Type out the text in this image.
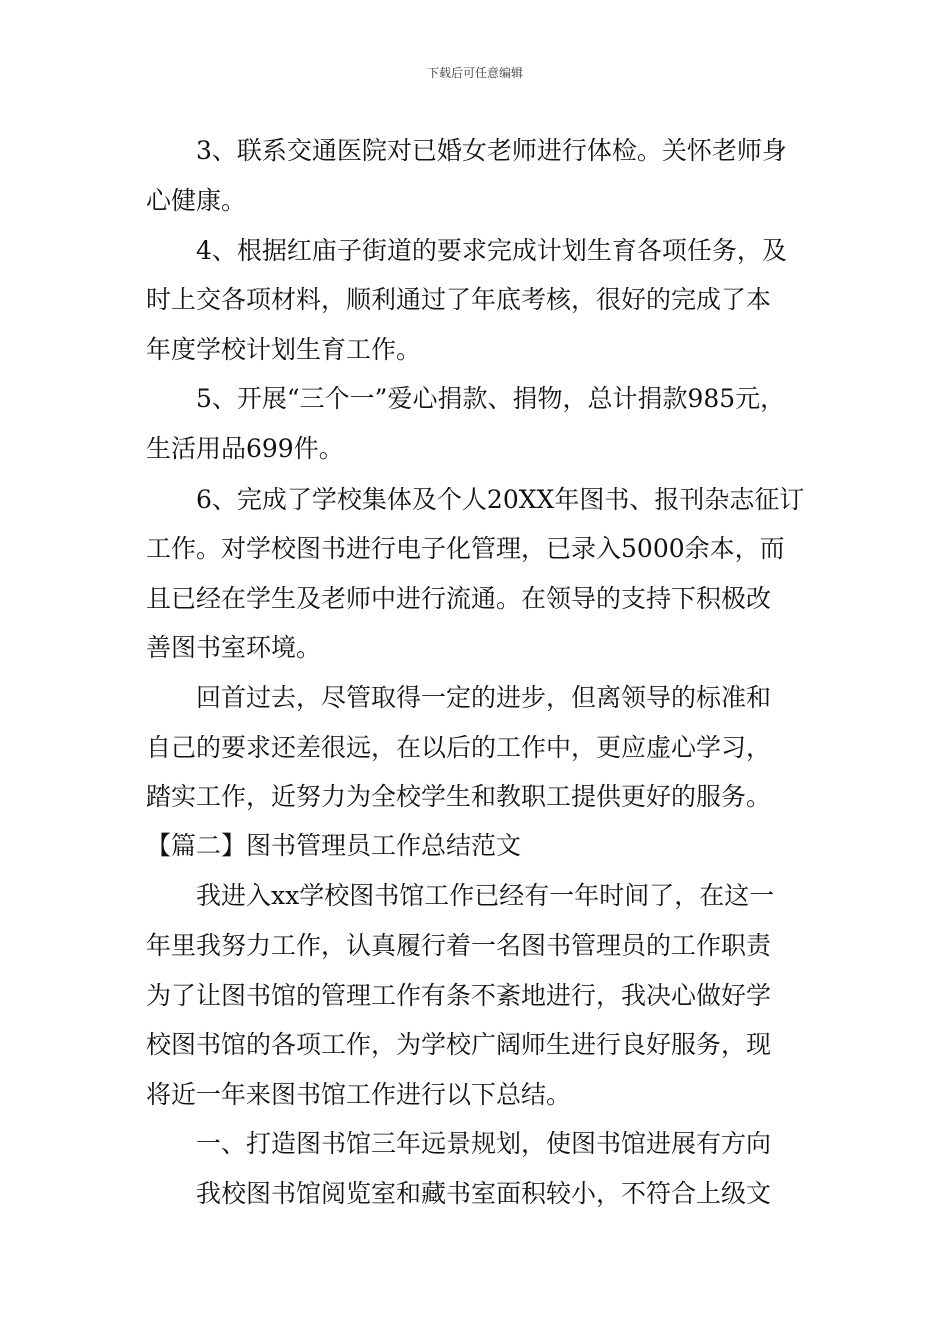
下载后可任意编辑
3、联系交通医院对已婚女老师进行体检。关怀老师身
心健康。
4、根据红庙子街道的要求完成计划生育各项任务，及
时上交各项材料，顺利通过了年底考核，很好的完成了本
年度学校计划生育工作。
5、开展“三个一”爱心捐款、捐物，总计捐款985元，
生活用品699件。
6、完成了学校集体及个人20XX年图书、报刊杂志征订
工作。对学校图书进行电子化管理，已录入5000余本，而
且已经在学生及老师中进行流通。在领导的支持下积极改
善图书室环境。
回首过去，尽管取得一定的进步，但离领导的标准和
自己的要求还差很远，在以后的工作中，更应虚心学习，
踏实工作，近努力为全校学生和教职工提供更好的服务。
【篇二】图书管理员工作总结范文
我进入xx学校图书馆工作已经有一年时间了，在这一
年里我努力工作，认真履行着一名图书管理员的工作职责
为了让图书馆的管理工作有条不紊地进行，我决心做好学
校图书馆的各项工作，为学校广阔师生进行良好服务，现
将近一年来图书馆工作进行以下总结。
一、打造图书馆三年远景规划，使图书馆进展有方向
我校图书馆阅览室和藏书室面积较小，不符合上级文
